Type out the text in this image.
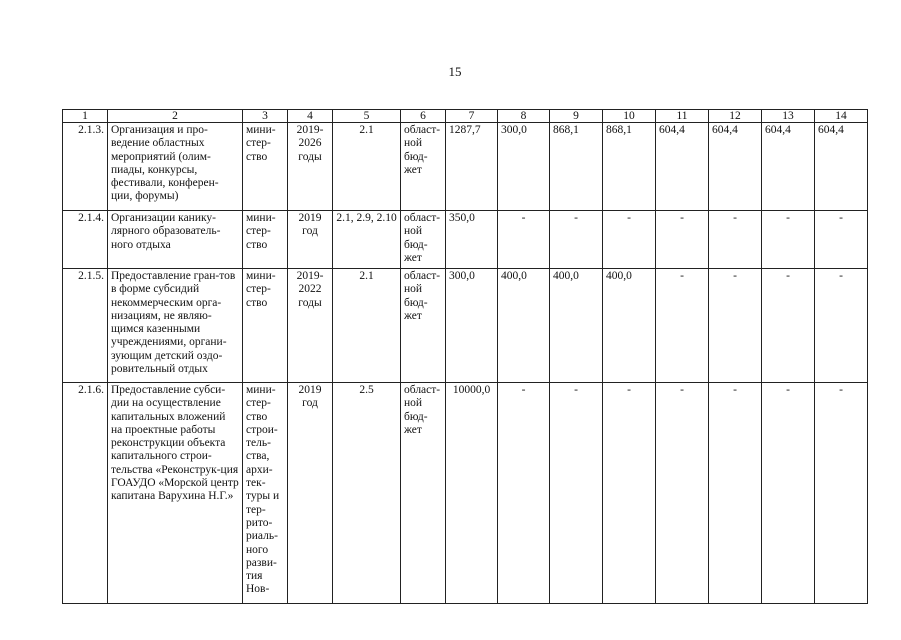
15
1	2	3	4	5	6	7	8	9	10	11	12	13	14
2.1.3.	Организация и про-ведение областных мероприятий (олим-пиады, конкурсы, фестивали, конферен-ции, форумы)	мини-стер-ство	2019-2026 годы	2.1	област-ной бюд-жет	1287,7	300,0	868,1	868,1	604,4	604,4	604,4	604,4
2.1.4.	Организации канику-лярного образователь-ного отдыха	мини-стер-ство	2019 год	2.1, 2.9, 2.10	област-ной бюд-жет	350,0	-	-	-	-	-	-	-
2.1.5.	Предоставление гран-тов в форме субсидий некоммерческим орга-низациям, не являю-щимся казенными учреждениями, органи-зующим детский оздо-ровительный отдых	мини-стер-ство	2019-2022 годы	2.1	област-ной бюд-жет	300,0	400,0	400,0	400,0	-	-	-	-
2.1.6.	Предоставление субси-дии на осуществление капитальных вложений на проектные работы реконструкции объекта капитального строи-тельства «Реконструк-ция ГОАУДО «Морской центр капитана Варухина Н.Г.»	мини-стер-ство строи-тель-ства, архи-тек-туры и тер-рито-риаль-ного разви-тия Нов-	2019 год	2.5	област-ной бюд-жет	10000,0	-	-	-	-	-	-	-
